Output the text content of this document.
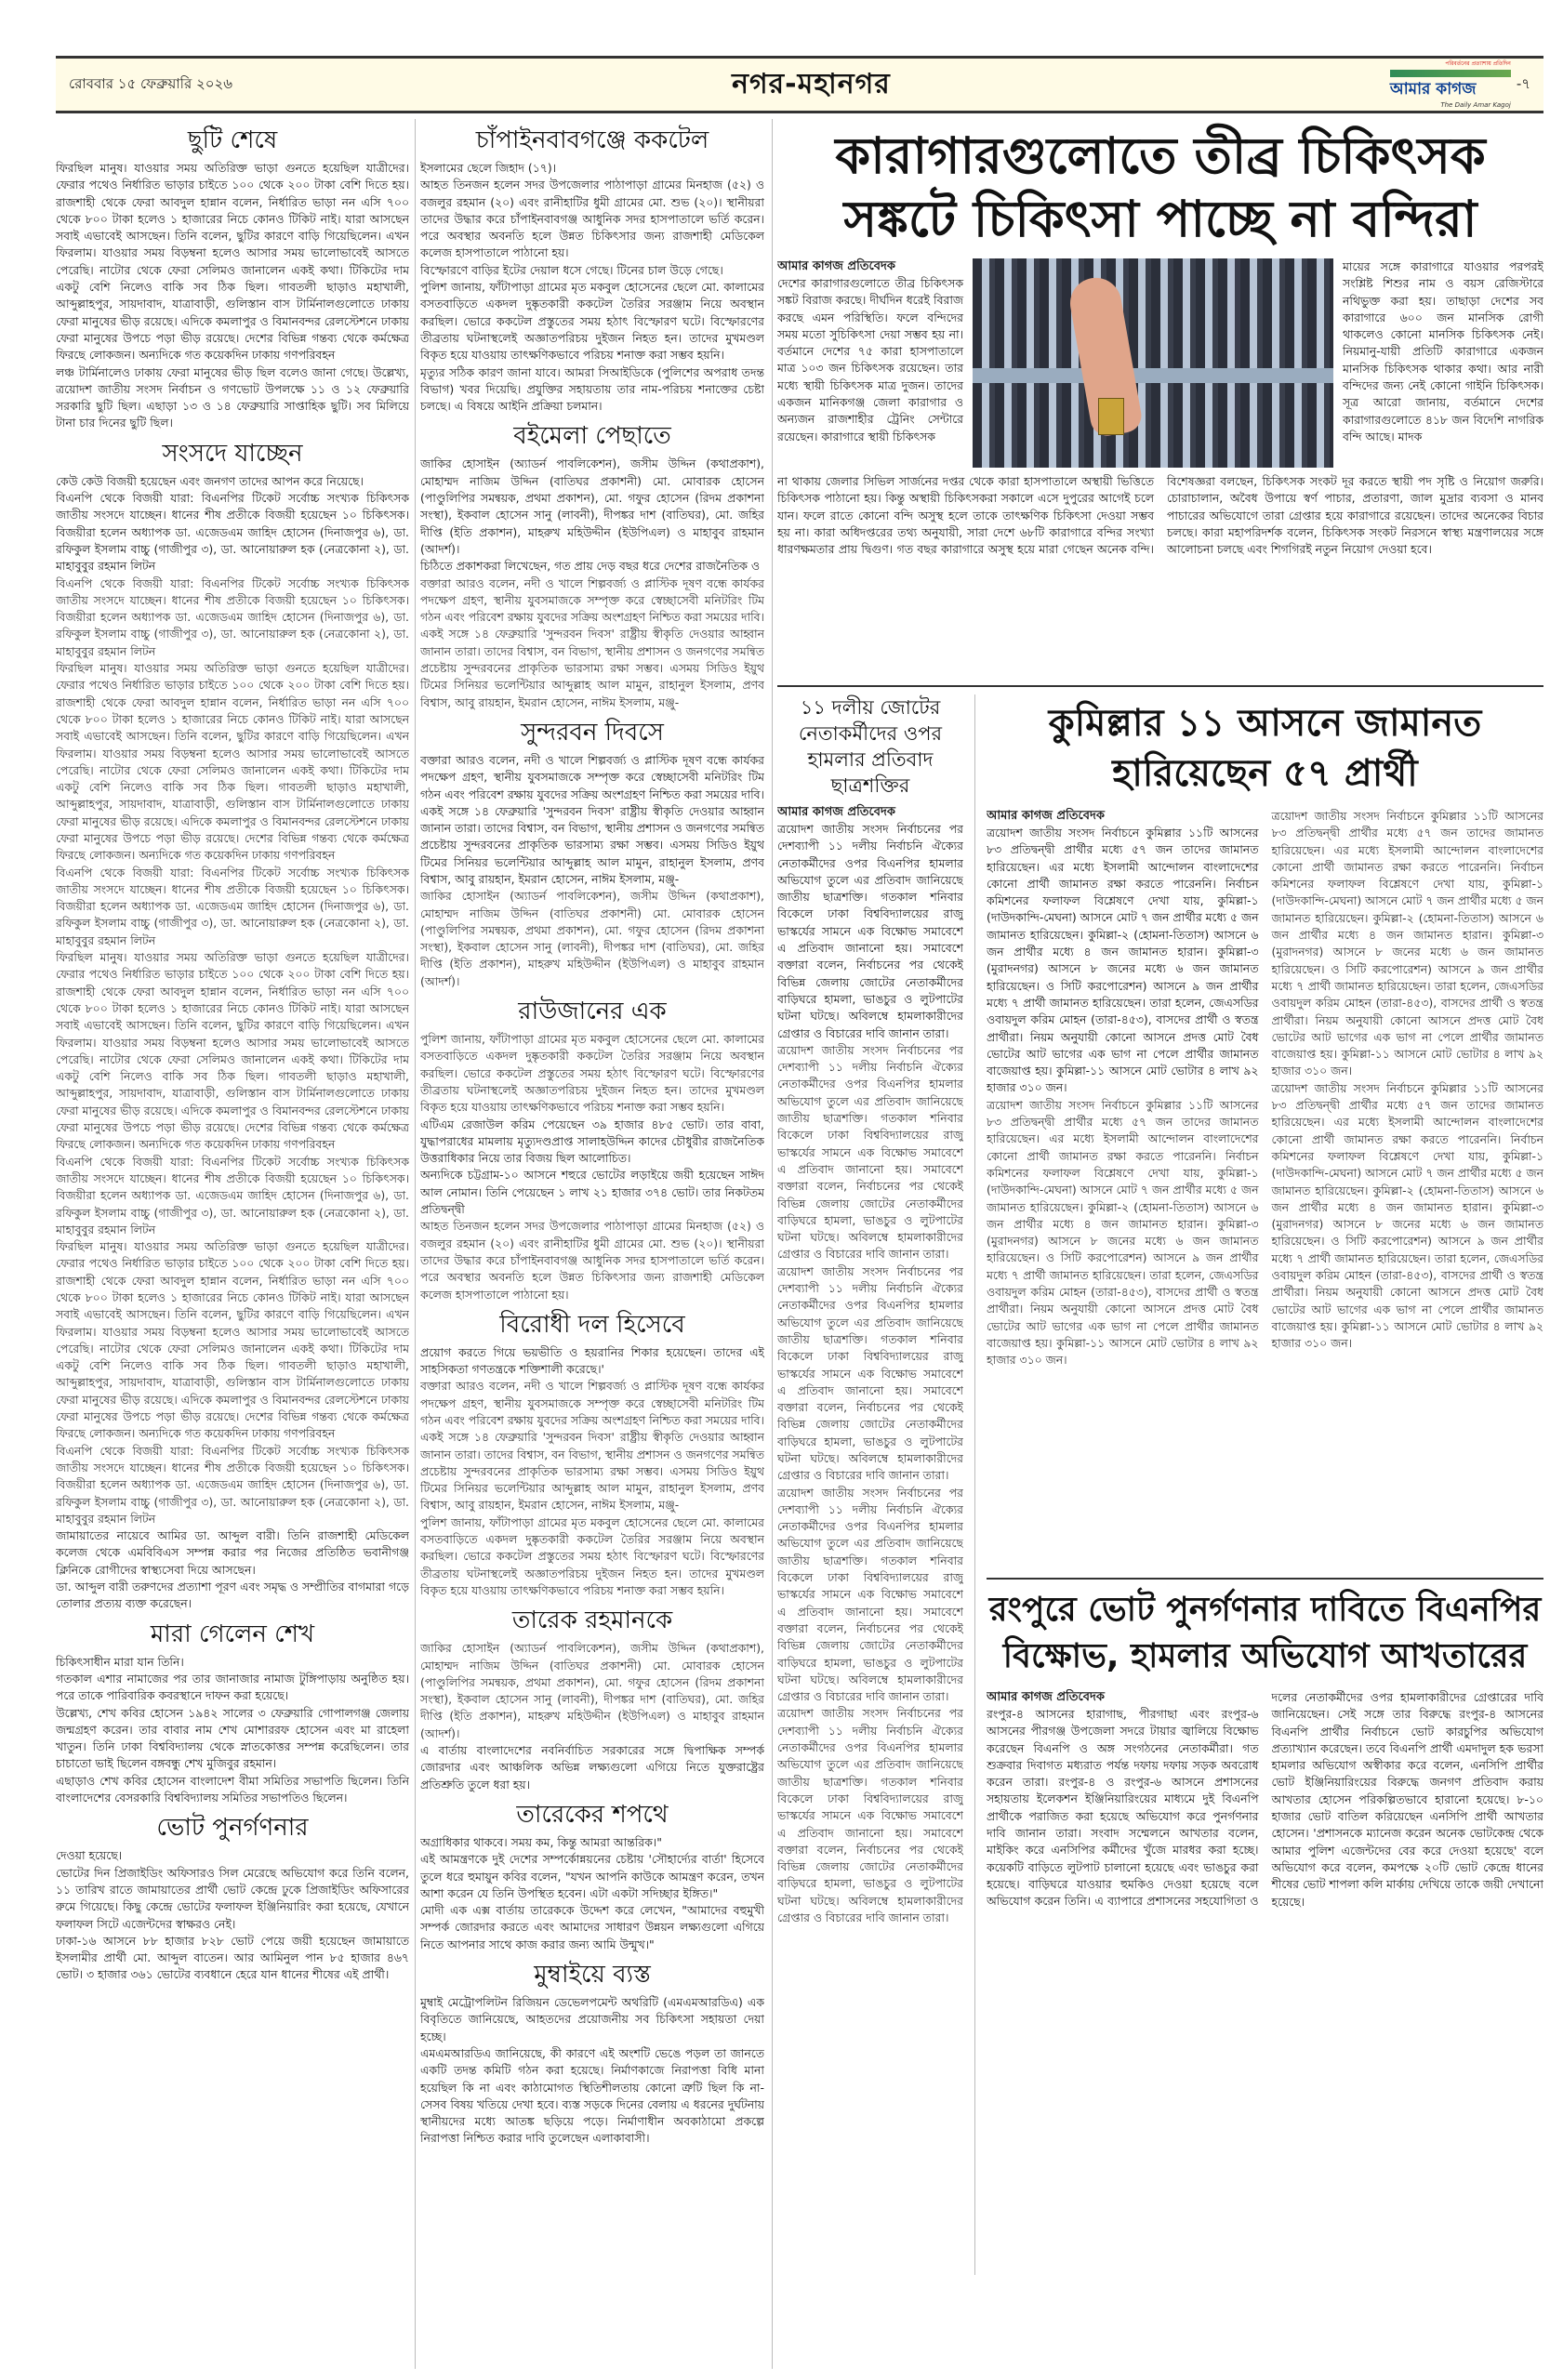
রোববার ১৫ ফেব্রুয়ারি ২০২৬	নগর-মহানগর
পরিবর্তনের প্রত্যাশায় প্রতিদিন
আমার কাগজ
The Daily Amar Kagoj
-৭
ছুটি শেষে

ফিরছিল মানুষ। যাওয়ার সময় অতিরিক্ত ভাড়া গুনতে হয়েছিল যাত্রীদের। ফেরার পথেও নির্ধারিত ভাড়ার চাইতে ১০০ থেকে ২০০ টাকা বেশি দিতে হয়। রাজশাহী থেকে ফেরা আবদুল হান্নান বলেন, নির্ধারিত ভাড়া নন এসি ৭০০ থেকে ৮০০ টাকা হলেও ১ হাজারের নিচে কোনও টিকিট নাই। যারা আসছেন সবাই এভাবেই আসছেন। তিনি বলেন, ছুটির কারণে বাড়ি গিয়েছিলেন। এখন ফিরলাম। যাওয়ার সময় বিড়ম্বনা হলেও আসার সময় ভালোভাবেই আসতে পেরেছি। নাটোর থেকে ফেরা সেলিমও জানালেন একই কথা। টিকিটের দাম একটু বেশি নিলেও বাকি সব ঠিক ছিল। গাবতলী ছাড়াও মহাখালী, আব্দুল্লাহপুর, সায়দাবাদ, যাত্রাবাড়ী, গুলিস্তান বাস টার্মিনালগুলোতে ঢাকায় ফেরা মানুষের ভীড় রয়েছে। এদিকে কমলাপুর ও বিমানবন্দর রেলস্টেশনে ঢাকায় ফেরা মানুষের উপচে পড়া ভীড় রয়েছে। দেশের বিভিন্ন গন্তব্য থেকে কর্মক্ষেত্র ফিরছে লোকজন। অন্যদিকে গত কয়েকদিন ঢাকায় গণপরিবহন

লঞ্চ টার্মিনালেও ঢাকায় ফেরা মানুষের ভীড় ছিল বলেও জানা গেছে। উল্লেখ্য, ত্রয়োদশ জাতীয় সংসদ নির্বাচন ও গণভোট উপলক্ষে ১১ ও ১২ ফেব্রুয়ারি সরকারি ছুটি ছিল। এছাড়া ১৩ ও ১৪ ফেব্রুয়ারি সাপ্তাহিক ছুটি। সব মিলিয়ে টানা চার দিনের ছুটি ছিল।

সংসদে যাচ্ছেন

কেউ কেউ বিজয়ী হয়েছেন এবং জনগণ তাদের আপন করে নিয়েছে।

বিএনপি থেকে বিজয়ী যারা: বিএনপির টিকেট সর্বোচ্চ সংখ্যক চিকিৎসক জাতীয় সংসদে যাচ্ছেন। ধানের শীষ প্রতীকে বিজয়ী হয়েছেন ১০ চিকিৎসক। বিজয়ীরা হলেন অধ্যাপক ডা. এজেডএম জাহিদ হোসেন (দিনাজপুর ৬), ডা. রফিকুল ইসলাম বাচ্চু (গাজীপুর ৩), ডা. আনোয়ারুল হক (নেত্রকোনা ২), ডা. মাহাবুবুর রহমান লিটন

বিএনপি থেকে বিজয়ী যারা: বিএনপির টিকেট সর্বোচ্চ সংখ্যক চিকিৎসক জাতীয় সংসদে যাচ্ছেন। ধানের শীষ প্রতীকে বিজয়ী হয়েছেন ১০ চিকিৎসক। বিজয়ীরা হলেন অধ্যাপক ডা. এজেডএম জাহিদ হোসেন (দিনাজপুর ৬), ডা. রফিকুল ইসলাম বাচ্চু (গাজীপুর ৩), ডা. আনোয়ারুল হক (নেত্রকোনা ২), ডা. মাহাবুবুর রহমান লিটন

ফিরছিল মানুষ। যাওয়ার সময় অতিরিক্ত ভাড়া গুনতে হয়েছিল যাত্রীদের। ফেরার পথেও নির্ধারিত ভাড়ার চাইতে ১০০ থেকে ২০০ টাকা বেশি দিতে হয়। রাজশাহী থেকে ফেরা আবদুল হান্নান বলেন, নির্ধারিত ভাড়া নন এসি ৭০০ থেকে ৮০০ টাকা হলেও ১ হাজারের নিচে কোনও টিকিট নাই। যারা আসছেন সবাই এভাবেই আসছেন। তিনি বলেন, ছুটির কারণে বাড়ি গিয়েছিলেন। এখন ফিরলাম। যাওয়ার সময় বিড়ম্বনা হলেও আসার সময় ভালোভাবেই আসতে পেরেছি। নাটোর থেকে ফেরা সেলিমও জানালেন একই কথা। টিকিটের দাম একটু বেশি নিলেও বাকি সব ঠিক ছিল। গাবতলী ছাড়াও মহাখালী, আব্দুল্লাহপুর, সায়দাবাদ, যাত্রাবাড়ী, গুলিস্তান বাস টার্মিনালগুলোতে ঢাকায় ফেরা মানুষের ভীড় রয়েছে। এদিকে কমলাপুর ও বিমানবন্দর রেলস্টেশনে ঢাকায় ফেরা মানুষের উপচে পড়া ভীড় রয়েছে। দেশের বিভিন্ন গন্তব্য থেকে কর্মক্ষেত্র ফিরছে লোকজন। অন্যদিকে গত কয়েকদিন ঢাকায় গণপরিবহন

বিএনপি থেকে বিজয়ী যারা: বিএনপির টিকেট সর্বোচ্চ সংখ্যক চিকিৎসক জাতীয় সংসদে যাচ্ছেন। ধানের শীষ প্রতীকে বিজয়ী হয়েছেন ১০ চিকিৎসক। বিজয়ীরা হলেন অধ্যাপক ডা. এজেডএম জাহিদ হোসেন (দিনাজপুর ৬), ডা. রফিকুল ইসলাম বাচ্চু (গাজীপুর ৩), ডা. আনোয়ারুল হক (নেত্রকোনা ২), ডা. মাহাবুবুর রহমান লিটন

ফিরছিল মানুষ। যাওয়ার সময় অতিরিক্ত ভাড়া গুনতে হয়েছিল যাত্রীদের। ফেরার পথেও নির্ধারিত ভাড়ার চাইতে ১০০ থেকে ২০০ টাকা বেশি দিতে হয়। রাজশাহী থেকে ফেরা আবদুল হান্নান বলেন, নির্ধারিত ভাড়া নন এসি ৭০০ থেকে ৮০০ টাকা হলেও ১ হাজারের নিচে কোনও টিকিট নাই। যারা আসছেন সবাই এভাবেই আসছেন। তিনি বলেন, ছুটির কারণে বাড়ি গিয়েছিলেন। এখন ফিরলাম। যাওয়ার সময় বিড়ম্বনা হলেও আসার সময় ভালোভাবেই আসতে পেরেছি। নাটোর থেকে ফেরা সেলিমও জানালেন একই কথা। টিকিটের দাম একটু বেশি নিলেও বাকি সব ঠিক ছিল। গাবতলী ছাড়াও মহাখালী, আব্দুল্লাহপুর, সায়দাবাদ, যাত্রাবাড়ী, গুলিস্তান বাস টার্মিনালগুলোতে ঢাকায় ফেরা মানুষের ভীড় রয়েছে। এদিকে কমলাপুর ও বিমানবন্দর রেলস্টেশনে ঢাকায় ফেরা মানুষের উপচে পড়া ভীড় রয়েছে। দেশের বিভিন্ন গন্তব্য থেকে কর্মক্ষেত্র ফিরছে লোকজন। অন্যদিকে গত কয়েকদিন ঢাকায় গণপরিবহন

বিএনপি থেকে বিজয়ী যারা: বিএনপির টিকেট সর্বোচ্চ সংখ্যক চিকিৎসক জাতীয় সংসদে যাচ্ছেন। ধানের শীষ প্রতীকে বিজয়ী হয়েছেন ১০ চিকিৎসক। বিজয়ীরা হলেন অধ্যাপক ডা. এজেডএম জাহিদ হোসেন (দিনাজপুর ৬), ডা. রফিকুল ইসলাম বাচ্চু (গাজীপুর ৩), ডা. আনোয়ারুল হক (নেত্রকোনা ২), ডা. মাহাবুবুর রহমান লিটন

ফিরছিল মানুষ। যাওয়ার সময় অতিরিক্ত ভাড়া গুনতে হয়েছিল যাত্রীদের। ফেরার পথেও নির্ধারিত ভাড়ার চাইতে ১০০ থেকে ২০০ টাকা বেশি দিতে হয়। রাজশাহী থেকে ফেরা আবদুল হান্নান বলেন, নির্ধারিত ভাড়া নন এসি ৭০০ থেকে ৮০০ টাকা হলেও ১ হাজারের নিচে কোনও টিকিট নাই। যারা আসছেন সবাই এভাবেই আসছেন। তিনি বলেন, ছুটির কারণে বাড়ি গিয়েছিলেন। এখন ফিরলাম। যাওয়ার সময় বিড়ম্বনা হলেও আসার সময় ভালোভাবেই আসতে পেরেছি। নাটোর থেকে ফেরা সেলিমও জানালেন একই কথা। টিকিটের দাম একটু বেশি নিলেও বাকি সব ঠিক ছিল। গাবতলী ছাড়াও মহাখালী, আব্দুল্লাহপুর, সায়দাবাদ, যাত্রাবাড়ী, গুলিস্তান বাস টার্মিনালগুলোতে ঢাকায় ফেরা মানুষের ভীড় রয়েছে। এদিকে কমলাপুর ও বিমানবন্দর রেলস্টেশনে ঢাকায় ফেরা মানুষের উপচে পড়া ভীড় রয়েছে। দেশের বিভিন্ন গন্তব্য থেকে কর্মক্ষেত্র ফিরছে লোকজন। অন্যদিকে গত কয়েকদিন ঢাকায় গণপরিবহন

বিএনপি থেকে বিজয়ী যারা: বিএনপির টিকেট সর্বোচ্চ সংখ্যক চিকিৎসক জাতীয় সংসদে যাচ্ছেন। ধানের শীষ প্রতীকে বিজয়ী হয়েছেন ১০ চিকিৎসক। বিজয়ীরা হলেন অধ্যাপক ডা. এজেডএম জাহিদ হোসেন (দিনাজপুর ৬), ডা. রফিকুল ইসলাম বাচ্চু (গাজীপুর ৩), ডা. আনোয়ারুল হক (নেত্রকোনা ২), ডা. মাহাবুবুর রহমান লিটন

জামায়াতের নায়েবে আমির ডা. আব্দুল বারী। তিনি রাজশাহী মেডিকেল কলেজ থেকে এমবিবিএস সম্পন্ন করার পর নিজের প্রতিষ্ঠিত ভবানীগঞ্জ ক্লিনিকে রোগীদের স্বাস্থ্যসেবা দিয়ে আসছেন।

ডা. আব্দুল বারী তরুণদের প্রত্যাশা পূরণ এবং সমৃদ্ধ ও সম্প্রীতির বাগমারা গড়ে তোলার প্রত্যয় ব্যক্ত করেছেন।

মারা গেলেন শেখ

চিকিৎসাধীন মারা যান তিনি।

গতকাল এশার নামাজের পর তার জানাজার নামাজ টুঙ্গিপাড়ায় অনুষ্ঠিত হয়। পরে তাকে পারিবারিক কবরস্থানে দাফন করা হয়েছে।

উল্লেখ্য, শেখ কবির হোসেন ১৯৪২ সালের ৩ ফেব্রুয়ারি গোপালগঞ্জ জেলায় জন্মগ্রহণ করেন। তার বাবার নাম শেখ মোশাররফ হোসেন এবং মা রাহেলা খাতুন। তিনি ঢাকা বিশ্ববিদ্যালয় থেকে স্নাতকোত্তর সম্পন্ন করেছিলেন। তার চাচাতো ভাই ছিলেন বঙ্গবন্ধু শেখ মুজিবুর রহমান।

এছাড়াও শেখ কবির হোসেন বাংলাদেশ বীমা সমিতির সভাপতি ছিলেন। তিনি বাংলাদেশের বেসরকারি বিশ্ববিদ্যালয় সমিতির সভাপতিও ছিলেন।

ভোট পুনর্গণনার

দেওয়া হয়েছে।

ভোটের দিন প্রিজাইডিং অফিসারও সিল মেরেছে অভিযোগ করে তিনি বলেন, ১১ তারিখ রাতে জামায়াতের প্রার্থী ভোট কেন্দ্রে ঢুকে প্রিজাইডিং অফিসারের রুমে গিয়েছে। কিছু কেন্দ্রে ভোটের ফলাফল ইঞ্জিনিয়ারিং করা হয়েছে, যেখানে ফলাফল সিটে এজেন্টদের স্বাক্ষরও নেই।

ঢাকা-১৬ আসনে ৮৮ হাজার ৮২৮ ভোট পেয়ে জয়ী হয়েছেন জামায়াতে ইসলামীর প্রার্থী মো. আব্দুল বাতেন। আর আমিনুল পান ৮৫ হাজার ৪৬৭ ভোট। ৩ হাজার ৩৬১ ভোটের ব্যবধানে হেরে যান ধানের শীষের এই প্রার্থী।

চাঁপাইনবাবগঞ্জে ককটেল

ইসলামের ছেলে জিহাদ (১৭)।

আহত তিনজন হলেন সদর উপজেলার পাঠাপাড়া গ্রামের মিনহাজ (৫২) ও বজলুর রহমান (২০) এবং রানীহাটির ধুমী গ্রামের মো. শুভ (২০)। স্থানীয়রা তাদের উদ্ধার করে চাঁপাইনবাবগঞ্জ আধুনিক সদর হাসপাতালে ভর্তি করেন। পরে অবস্থার অবনতি হলে উন্নত চিকিৎসার জন্য রাজশাহী মেডিকেল কলেজ হাসপাতালে পাঠানো হয়।

বিস্ফোরণে বাড়ির ইটের দেয়াল ধসে গেছে। টিনের চাল উড়ে গেছে।

পুলিশ জানায়, ফাঁটাপাড়া গ্রামের মৃত মকবুল হোসেনের ছেলে মো. কালামের বসতবাড়িতে একদল দুষ্কৃতকারী ককটেল তৈরির সরঞ্জাম নিয়ে অবস্থান করছিল। ভোরে ককটেল প্রস্তুতের সময় হঠাৎ বিস্ফোরণ ঘটে। বিস্ফোরণের তীব্রতায় ঘটনাস্থলেই অজ্ঞাতপরিচয় দুইজন নিহত হন। তাদের মুখমণ্ডল বিকৃত হয়ে যাওয়ায় তাৎক্ষণিকভাবে পরিচয় শনাক্ত করা সম্ভব হয়নি।

মৃত্যুর সঠিক কারণ জানা যাবে। আমরা সিআইডিকে (পুলিশের অপরাধ তদন্ত বিভাগ) খবর দিয়েছি। প্রযুক্তির সহায়তায় তার নাম-পরিচয় শনাক্তের চেষ্টা চলছে। এ বিষয়ে আইনি প্রক্রিয়া চলমান।

বইমেলা পেছাতে

জাকির হোসাইন (অ্যাডর্ন পাবলিকেশন), জসীম উদ্দিন (কথাপ্রকাশ), মোহাম্মদ নাজিম উদ্দিন (বাতিঘর প্রকাশনী) মো. মোবারক হোসেন (পাণ্ডুলিপির সমন্বয়ক, প্রথমা প্রকাশন), মো. গফুর হোসেন (রিদম প্রকাশনা সংস্থা), ইকবাল হোসেন সানু (লাবনী), দীপঙ্কর দাশ (বাতিঘর), মো. জহির দীপ্তি (ইতি প্রকাশন), মাহরুখ মহিউদ্দীন (ইউপিএল) ও মাহাবুব রাহমান (আদর্শ)।

চিঠিতে প্রকাশকরা লিখেছেন, গত প্রায় দেড় বছর ধরে দেশের রাজনৈতিক ও

বক্তারা আরও বলেন, নদী ও খালে শিল্পবর্জ্য ও প্লাস্টিক দূষণ বন্ধে কার্যকর পদক্ষেপ গ্রহণ, স্থানীয় যুবসমাজকে সম্পৃক্ত করে স্বেচ্ছাসেবী মনিটরিং টিম গঠন এবং পরিবেশ রক্ষায় যুবদের সক্রিয় অংশগ্রহণ নিশ্চিত করা সময়ের দাবি। একই সঙ্গে ১৪ ফেব্রুয়ারি 'সুন্দরবন দিবস' রাষ্ট্রীয় স্বীকৃতি দেওয়ার আহ্বান জানান তারা। তাদের বিশ্বাস, বন বিভাগ, স্থানীয় প্রশাসন ও জনগণের সমন্বিত প্রচেষ্টায় সুন্দরবনের প্রাকৃতিক ভারসাম্য রক্ষা সম্ভব। এসময় সিডিও ইয়ুথ টিমের সিনিয়র ভলেন্টিয়ার আব্দুল্লাহ আল মামুন, রাহানুল ইসলাম, প্রণব বিশ্বাস, আবু রায়হান, ইমরান হোসেন, নাঈম ইসলাম, মঞ্জু-

সুন্দরবন দিবসে

বক্তারা আরও বলেন, নদী ও খালে শিল্পবর্জ্য ও প্লাস্টিক দূষণ বন্ধে কার্যকর পদক্ষেপ গ্রহণ, স্থানীয় যুবসমাজকে সম্পৃক্ত করে স্বেচ্ছাসেবী মনিটরিং টিম গঠন এবং পরিবেশ রক্ষায় যুবদের সক্রিয় অংশগ্রহণ নিশ্চিত করা সময়ের দাবি। একই সঙ্গে ১৪ ফেব্রুয়ারি 'সুন্দরবন দিবস' রাষ্ট্রীয় স্বীকৃতি দেওয়ার আহ্বান জানান তারা। তাদের বিশ্বাস, বন বিভাগ, স্থানীয় প্রশাসন ও জনগণের সমন্বিত প্রচেষ্টায় সুন্দরবনের প্রাকৃতিক ভারসাম্য রক্ষা সম্ভব। এসময় সিডিও ইয়ুথ টিমের সিনিয়র ভলেন্টিয়ার আব্দুল্লাহ আল মামুন, রাহানুল ইসলাম, প্রণব বিশ্বাস, আবু রায়হান, ইমরান হোসেন, নাঈম ইসলাম, মঞ্জু-

জাকির হোসাইন (অ্যাডর্ন পাবলিকেশন), জসীম উদ্দিন (কথাপ্রকাশ), মোহাম্মদ নাজিম উদ্দিন (বাতিঘর প্রকাশনী) মো. মোবারক হোসেন (পাণ্ডুলিপির সমন্বয়ক, প্রথমা প্রকাশন), মো. গফুর হোসেন (রিদম প্রকাশনা সংস্থা), ইকবাল হোসেন সানু (লাবনী), দীপঙ্কর দাশ (বাতিঘর), মো. জহির দীপ্তি (ইতি প্রকাশন), মাহরুখ মহিউদ্দীন (ইউপিএল) ও মাহাবুব রাহমান (আদর্শ)।

রাউজানের এক

পুলিশ জানায়, ফাঁটাপাড়া গ্রামের মৃত মকবুল হোসেনের ছেলে মো. কালামের বসতবাড়িতে একদল দুষ্কৃতকারী ককটেল তৈরির সরঞ্জাম নিয়ে অবস্থান করছিল। ভোরে ককটেল প্রস্তুতের সময় হঠাৎ বিস্ফোরণ ঘটে। বিস্ফোরণের তীব্রতায় ঘটনাস্থলেই অজ্ঞাতপরিচয় দুইজন নিহত হন। তাদের মুখমণ্ডল বিকৃত হয়ে যাওয়ায় তাৎক্ষণিকভাবে পরিচয় শনাক্ত করা সম্ভব হয়নি।

এটিএম রেজাউল করিম পেয়েছেন ৩৯ হাজার ৪৮৫ ভোট। তার বাবা, যুদ্ধাপরাধের মামলায় মৃত্যুদণ্ডপ্রাপ্ত সালাহউদ্দিন কাদের চৌধুরীর রাজনৈতিক উত্তরাধিকার নিয়ে তার বিজয় ছিল আলোচিত।

অন্যদিকে চট্টগ্রাম-১০ আসনে শহুরে ভোটের লড়াইয়ে জয়ী হয়েছেন সাঈদ আল নোমান। তিনি পেয়েছেন ১ লাখ ২১ হাজার ৩৭৪ ভোট। তার নিকটতম প্রতিদ্বন্দ্বী

আহত তিনজন হলেন সদর উপজেলার পাঠাপাড়া গ্রামের মিনহাজ (৫২) ও বজলুর রহমান (২০) এবং রানীহাটির ধুমী গ্রামের মো. শুভ (২০)। স্থানীয়রা তাদের উদ্ধার করে চাঁপাইনবাবগঞ্জ আধুনিক সদর হাসপাতালে ভর্তি করেন। পরে অবস্থার অবনতি হলে উন্নত চিকিৎসার জন্য রাজশাহী মেডিকেল কলেজ হাসপাতালে পাঠানো হয়।

বিরোধী দল হিসেবে

প্রয়োগ করতে গিয়ে ভয়ভীতি ও হয়রানির শিকার হয়েছেন। তাদের এই সাহসিকতা গণতন্ত্রকে শক্তিশালী করেছে।'

বক্তারা আরও বলেন, নদী ও খালে শিল্পবর্জ্য ও প্লাস্টিক দূষণ বন্ধে কার্যকর পদক্ষেপ গ্রহণ, স্থানীয় যুবসমাজকে সম্পৃক্ত করে স্বেচ্ছাসেবী মনিটরিং টিম গঠন এবং পরিবেশ রক্ষায় যুবদের সক্রিয় অংশগ্রহণ নিশ্চিত করা সময়ের দাবি। একই সঙ্গে ১৪ ফেব্রুয়ারি 'সুন্দরবন দিবস' রাষ্ট্রীয় স্বীকৃতি দেওয়ার আহ্বান জানান তারা। তাদের বিশ্বাস, বন বিভাগ, স্থানীয় প্রশাসন ও জনগণের সমন্বিত প্রচেষ্টায় সুন্দরবনের প্রাকৃতিক ভারসাম্য রক্ষা সম্ভব। এসময় সিডিও ইয়ুথ টিমের সিনিয়র ভলেন্টিয়ার আব্দুল্লাহ আল মামুন, রাহানুল ইসলাম, প্রণব বিশ্বাস, আবু রায়হান, ইমরান হোসেন, নাঈম ইসলাম, মঞ্জু-

পুলিশ জানায়, ফাঁটাপাড়া গ্রামের মৃত মকবুল হোসেনের ছেলে মো. কালামের বসতবাড়িতে একদল দুষ্কৃতকারী ককটেল তৈরির সরঞ্জাম নিয়ে অবস্থান করছিল। ভোরে ককটেল প্রস্তুতের সময় হঠাৎ বিস্ফোরণ ঘটে। বিস্ফোরণের তীব্রতায় ঘটনাস্থলেই অজ্ঞাতপরিচয় দুইজন নিহত হন। তাদের মুখমণ্ডল বিকৃত হয়ে যাওয়ায় তাৎক্ষণিকভাবে পরিচয় শনাক্ত করা সম্ভব হয়নি।

তারেক রহমানকে

জাকির হোসাইন (অ্যাডর্ন পাবলিকেশন), জসীম উদ্দিন (কথাপ্রকাশ), মোহাম্মদ নাজিম উদ্দিন (বাতিঘর প্রকাশনী) মো. মোবারক হোসেন (পাণ্ডুলিপির সমন্বয়ক, প্রথমা প্রকাশন), মো. গফুর হোসেন (রিদম প্রকাশনা সংস্থা), ইকবাল হোসেন সানু (লাবনী), দীপঙ্কর দাশ (বাতিঘর), মো. জহির দীপ্তি (ইতি প্রকাশন), মাহরুখ মহিউদ্দীন (ইউপিএল) ও মাহাবুব রাহমান (আদর্শ)।

এ বার্তায় বাংলাদেশের নবনির্বাচিত সরকারের সঙ্গে দ্বিপাক্ষিক সম্পর্ক জোরদার এবং আঞ্চলিক অভিন্ন লক্ষ্যগুলো এগিয়ে নিতে যুক্তরাষ্ট্রের প্রতিশ্রুতি তুলে ধরা হয়।

তারেকের শপথে

অগ্রাধিকার থাকবে। সময় কম, কিন্তু আমরা আন্তরিক।"

এই আমন্ত্রণকে দুই দেশের সম্পর্কোন্নয়নের চেষ্টায় 'সৌহার্দ্যের বার্তা' হিসেবে তুলে ধরে হুমায়ুন কবির বলেন, "যখন আপনি কাউকে আমন্ত্রণ করেন, তখন আশা করেন যে তিনি উপস্থিত হবেন। এটা একটা সদিচ্ছার ইঙ্গিত।"

মোদী এক এক্স বার্তায় তারেককে উদ্দেশ করে লেখেন, "আমাদের বহুমুখী সম্পর্ক জোরদার করতে এবং আমাদের সাধারণ উন্নয়ন লক্ষ্যগুলো এগিয়ে নিতে আপনার সাথে কাজ করার জন্য আমি উন্মুখ।"

মুম্বাইয়ে ব্যস্ত

মুম্বাই মেট্রোপলিটন রিজিয়ন ডেভেলপমেন্ট অথরিটি (এমএমআরডিএ) এক বিবৃতিতে জানিয়েছে, আহতদের প্রয়োজনীয় সব চিকিৎসা সহায়তা দেয়া হচ্ছে।

এমএমআরডিএ জানিয়েছে, কী কারণে এই অংশটি ভেঙে পড়ল তা জানতে একটি তদন্ত কমিটি গঠন করা হয়েছে। নির্মাণকাজে নিরাপত্তা বিধি মানা হয়েছিল কি না এবং কাঠামোগত স্থিতিশীলতায় কোনো ত্রুটি ছিল কি না-সেসব বিষয় খতিয়ে দেখা হবে। ব্যস্ত সড়কে দিনের বেলায় এ ধরনের দুর্ঘটনায় স্থানীয়দের মধ্যে আতঙ্ক ছড়িয়ে পড়ে। নির্মাণাধীন অবকাঠামো প্রকল্পে নিরাপত্তা নিশ্চিত করার দাবি তুলেছেন এলাকাবাসী।

কারাগারগুলোতে তীব্র চিকিৎসক
সঙ্কটে চিকিৎসা পাচ্ছে না বন্দিরা
আমার কাগজ প্রতিবেদক

দেশের কারাগারগুলোতে তীব্র চিকিৎসক সঙ্কট বিরাজ করছে। দীর্ঘদিন ধরেই বিরাজ করছে এমন পরিস্থিতি। ফলে বন্দিদের সময় মতো সুচিকিৎসা দেয়া সম্ভব হয় না। বর্তমানে দেশের ৭৫ কারা হাসপাতালে মাত্র ১০৩ জন চিকিৎসক রয়েছেন। তার মধ্যে স্থায়ী চিকিৎসক মাত্র দুজন। তাদের একজন মানিকগঞ্জ জেলা কারাগার ও অন্যজন রাজশাহীর ট্রেনিং সেন্টারে রয়েছেন। কারাগারে স্থায়ী চিকিৎসক

মায়ের সঙ্গে কারাগারে যাওয়ার পরপরই সংশ্লিষ্ট শিশুর নাম ও বয়স রেজিস্টারে নথিভুক্ত করা হয়। তাছাড়া দেশের সব কারাগারে ৬০০ জন মানসিক রোগী থাকলেও কোনো মানসিক চিকিৎসক নেই। নিয়মানু-যায়ী প্রতিটি কারাগারে একজন মানসিক চিকিৎসক থাকার কথা। আর নারী বন্দিদের জন্য নেই কোনো গাইনি চিকিৎসক। সূত্র আরো জানায়, বর্তমানে দেশের কারাগারগুলোতে ৪১৮ জন বিদেশি নাগরিক বন্দি আছে। মাদক

না থাকায় জেলার সিভিল সার্জনের দপ্তর থেকে কারা হাসপাতালে অস্থায়ী ভিত্তিতে চিকিৎসক পাঠানো হয়। কিন্তু অস্থায়ী চিকিৎসকরা সকালে এসে দুপুরের আগেই চলে যান। ফলে রাতে কোনো বন্দি অসুস্থ হলে তাকে তাৎক্ষণিক চিকিৎসা দেওয়া সম্ভব হয় না। কারা অধিদপ্তরের তথ্য অনুযায়ী, সারা দেশে ৬৮টি কারাগারে বন্দির সংখ্যা ধারণক্ষমতার প্রায় দ্বিগুণ। গত বছর কারাগারে অসুস্থ হয়ে মারা গেছেন অনেক বন্দি। বিশেষজ্ঞরা বলছেন, চিকিৎসক সংকট দূর করতে স্থায়ী পদ সৃষ্টি ও নিয়োগ জরুরি। চোরাচালান, অবৈধ উপায়ে স্বর্ণ পাচার, প্রতারণা, জাল মুদ্রার ব্যবসা ও মানব পাচারের অভিযোগে তারা গ্রেপ্তার হয়ে কারাগারে রয়েছেন। তাদের অনেকের বিচার চলছে। কারা মহাপরিদর্শক বলেন, চিকিৎসক সংকট নিরসনে স্বাস্থ্য মন্ত্রণালয়ের সঙ্গে আলোচনা চলছে এবং শিগগিরই নতুন নিয়োগ দেওয়া হবে।

১১ দলীয় জোটের নেতাকর্মীদের ওপর হামলার প্রতিবাদ ছাত্রশক্তির
আমার কাগজ প্রতিবেদক

ত্রয়োদশ জাতীয় সংসদ নির্বাচনের পর দেশব্যাপী ১১ দলীয় নির্বাচনি ঐক্যের নেতাকর্মীদের ওপর বিএনপির হামলার অভিযোগ তুলে এর প্রতিবাদ জানিয়েছে জাতীয় ছাত্রশক্তি। গতকাল শনিবার বিকেলে ঢাকা বিশ্ববিদ্যালয়ের রাজু ভাস্কর্যের সামনে এক বিক্ষোভ সমাবেশে এ প্রতিবাদ জানানো হয়। সমাবেশে বক্তারা বলেন, নির্বাচনের পর থেকেই বিভিন্ন জেলায় জোটের নেতাকর্মীদের বাড়িঘরে হামলা, ভাঙচুর ও লুটপাটের ঘটনা ঘটছে। অবিলম্বে হামলাকারীদের গ্রেপ্তার ও বিচারের দাবি জানান তারা।

ত্রয়োদশ জাতীয় সংসদ নির্বাচনের পর দেশব্যাপী ১১ দলীয় নির্বাচনি ঐক্যের নেতাকর্মীদের ওপর বিএনপির হামলার অভিযোগ তুলে এর প্রতিবাদ জানিয়েছে জাতীয় ছাত্রশক্তি। গতকাল শনিবার বিকেলে ঢাকা বিশ্ববিদ্যালয়ের রাজু ভাস্কর্যের সামনে এক বিক্ষোভ সমাবেশে এ প্রতিবাদ জানানো হয়। সমাবেশে বক্তারা বলেন, নির্বাচনের পর থেকেই বিভিন্ন জেলায় জোটের নেতাকর্মীদের বাড়িঘরে হামলা, ভাঙচুর ও লুটপাটের ঘটনা ঘটছে। অবিলম্বে হামলাকারীদের গ্রেপ্তার ও বিচারের দাবি জানান তারা।

ত্রয়োদশ জাতীয় সংসদ নির্বাচনের পর দেশব্যাপী ১১ দলীয় নির্বাচনি ঐক্যের নেতাকর্মীদের ওপর বিএনপির হামলার অভিযোগ তুলে এর প্রতিবাদ জানিয়েছে জাতীয় ছাত্রশক্তি। গতকাল শনিবার বিকেলে ঢাকা বিশ্ববিদ্যালয়ের রাজু ভাস্কর্যের সামনে এক বিক্ষোভ সমাবেশে এ প্রতিবাদ জানানো হয়। সমাবেশে বক্তারা বলেন, নির্বাচনের পর থেকেই বিভিন্ন জেলায় জোটের নেতাকর্মীদের বাড়িঘরে হামলা, ভাঙচুর ও লুটপাটের ঘটনা ঘটছে। অবিলম্বে হামলাকারীদের গ্রেপ্তার ও বিচারের দাবি জানান তারা।

ত্রয়োদশ জাতীয় সংসদ নির্বাচনের পর দেশব্যাপী ১১ দলীয় নির্বাচনি ঐক্যের নেতাকর্মীদের ওপর বিএনপির হামলার অভিযোগ তুলে এর প্রতিবাদ জানিয়েছে জাতীয় ছাত্রশক্তি। গতকাল শনিবার বিকেলে ঢাকা বিশ্ববিদ্যালয়ের রাজু ভাস্কর্যের সামনে এক বিক্ষোভ সমাবেশে এ প্রতিবাদ জানানো হয়। সমাবেশে বক্তারা বলেন, নির্বাচনের পর থেকেই বিভিন্ন জেলায় জোটের নেতাকর্মীদের বাড়িঘরে হামলা, ভাঙচুর ও লুটপাটের ঘটনা ঘটছে। অবিলম্বে হামলাকারীদের গ্রেপ্তার ও বিচারের দাবি জানান তারা।

ত্রয়োদশ জাতীয় সংসদ নির্বাচনের পর দেশব্যাপী ১১ দলীয় নির্বাচনি ঐক্যের নেতাকর্মীদের ওপর বিএনপির হামলার অভিযোগ তুলে এর প্রতিবাদ জানিয়েছে জাতীয় ছাত্রশক্তি। গতকাল শনিবার বিকেলে ঢাকা বিশ্ববিদ্যালয়ের রাজু ভাস্কর্যের সামনে এক বিক্ষোভ সমাবেশে এ প্রতিবাদ জানানো হয়। সমাবেশে বক্তারা বলেন, নির্বাচনের পর থেকেই বিভিন্ন জেলায় জোটের নেতাকর্মীদের বাড়িঘরে হামলা, ভাঙচুর ও লুটপাটের ঘটনা ঘটছে। অবিলম্বে হামলাকারীদের গ্রেপ্তার ও বিচারের দাবি জানান তারা।

কুমিল্লার ১১ আসনে জামানত
হারিয়েছেন ৫৭ প্রার্থী
আমার কাগজ প্রতিবেদক

ত্রয়োদশ জাতীয় সংসদ নির্বাচনে কুমিল্লার ১১টি আসনের ৮৩ প্রতিদ্বন্দ্বী প্রার্থীর মধ্যে ৫৭ জন তাদের জামানত হারিয়েছেন। এর মধ্যে ইসলামী আন্দোলন বাংলাদেশের কোনো প্রার্থী জামানত রক্ষা করতে পারেননি। নির্বাচন কমিশনের ফলাফল বিশ্লেষণে দেখা যায়, কুমিল্লা-১ (দাউদকান্দি-মেঘনা) আসনে মোট ৭ জন প্রার্থীর মধ্যে ৫ জন জামানত হারিয়েছেন। কুমিল্লা-২ (হোমনা-তিতাস) আসনে ৬ জন প্রার্থীর মধ্যে ৪ জন জামানত হারান। কুমিল্লা-৩ (মুরাদনগর) আসনে ৮ জনের মধ্যে ৬ জন জামানত হারিয়েছেন। ও সিটি করপোরেশন) আসনে ৯ জন প্রার্থীর মধ্যে ৭ প্রার্থী জামানত হারিয়েছেন। তারা হলেন, জেএসডির ওবায়দুল করিম মোহন (তারা-৪৫৩), বাসদের প্রার্থী ও স্বতন্ত্র প্রার্থীরা। নিয়ম অনুযায়ী কোনো আসনে প্রদত্ত মোট বৈধ ভোটের আট ভাগের এক ভাগ না পেলে প্রার্থীর জামানত বাজেয়াপ্ত হয়। কুমিল্লা-১১ আসনে মোট ভোটার ৪ লাখ ৯২ হাজার ৩১০ জন।

ত্রয়োদশ জাতীয় সংসদ নির্বাচনে কুমিল্লার ১১টি আসনের ৮৩ প্রতিদ্বন্দ্বী প্রার্থীর মধ্যে ৫৭ জন তাদের জামানত হারিয়েছেন। এর মধ্যে ইসলামী আন্দোলন বাংলাদেশের কোনো প্রার্থী জামানত রক্ষা করতে পারেননি। নির্বাচন কমিশনের ফলাফল বিশ্লেষণে দেখা যায়, কুমিল্লা-১ (দাউদকান্দি-মেঘনা) আসনে মোট ৭ জন প্রার্থীর মধ্যে ৫ জন জামানত হারিয়েছেন। কুমিল্লা-২ (হোমনা-তিতাস) আসনে ৬ জন প্রার্থীর মধ্যে ৪ জন জামানত হারান। কুমিল্লা-৩ (মুরাদনগর) আসনে ৮ জনের মধ্যে ৬ জন জামানত হারিয়েছেন। ও সিটি করপোরেশন) আসনে ৯ জন প্রার্থীর মধ্যে ৭ প্রার্থী জামানত হারিয়েছেন। তারা হলেন, জেএসডির ওবায়দুল করিম মোহন (তারা-৪৫৩), বাসদের প্রার্থী ও স্বতন্ত্র প্রার্থীরা। নিয়ম অনুযায়ী কোনো আসনে প্রদত্ত মোট বৈধ ভোটের আট ভাগের এক ভাগ না পেলে প্রার্থীর জামানত বাজেয়াপ্ত হয়। কুমিল্লা-১১ আসনে মোট ভোটার ৪ লাখ ৯২ হাজার ৩১০ জন।

ত্রয়োদশ জাতীয় সংসদ নির্বাচনে কুমিল্লার ১১টি আসনের ৮৩ প্রতিদ্বন্দ্বী প্রার্থীর মধ্যে ৫৭ জন তাদের জামানত হারিয়েছেন। এর মধ্যে ইসলামী আন্দোলন বাংলাদেশের কোনো প্রার্থী জামানত রক্ষা করতে পারেননি। নির্বাচন কমিশনের ফলাফল বিশ্লেষণে দেখা যায়, কুমিল্লা-১ (দাউদকান্দি-মেঘনা) আসনে মোট ৭ জন প্রার্থীর মধ্যে ৫ জন জামানত হারিয়েছেন। কুমিল্লা-২ (হোমনা-তিতাস) আসনে ৬ জন প্রার্থীর মধ্যে ৪ জন জামানত হারান। কুমিল্লা-৩ (মুরাদনগর) আসনে ৮ জনের মধ্যে ৬ জন জামানত হারিয়েছেন। ও সিটি করপোরেশন) আসনে ৯ জন প্রার্থীর মধ্যে ৭ প্রার্থী জামানত হারিয়েছেন। তারা হলেন, জেএসডির ওবায়দুল করিম মোহন (তারা-৪৫৩), বাসদের প্রার্থী ও স্বতন্ত্র প্রার্থীরা। নিয়ম অনুযায়ী কোনো আসনে প্রদত্ত মোট বৈধ ভোটের আট ভাগের এক ভাগ না পেলে প্রার্থীর জামানত বাজেয়াপ্ত হয়। কুমিল্লা-১১ আসনে মোট ভোটার ৪ লাখ ৯২ হাজার ৩১০ জন।

ত্রয়োদশ জাতীয় সংসদ নির্বাচনে কুমিল্লার ১১টি আসনের ৮৩ প্রতিদ্বন্দ্বী প্রার্থীর মধ্যে ৫৭ জন তাদের জামানত হারিয়েছেন। এর মধ্যে ইসলামী আন্দোলন বাংলাদেশের কোনো প্রার্থী জামানত রক্ষা করতে পারেননি। নির্বাচন কমিশনের ফলাফল বিশ্লেষণে দেখা যায়, কুমিল্লা-১ (দাউদকান্দি-মেঘনা) আসনে মোট ৭ জন প্রার্থীর মধ্যে ৫ জন জামানত হারিয়েছেন। কুমিল্লা-২ (হোমনা-তিতাস) আসনে ৬ জন প্রার্থীর মধ্যে ৪ জন জামানত হারান। কুমিল্লা-৩ (মুরাদনগর) আসনে ৮ জনের মধ্যে ৬ জন জামানত হারিয়েছেন। ও সিটি করপোরেশন) আসনে ৯ জন প্রার্থীর মধ্যে ৭ প্রার্থী জামানত হারিয়েছেন। তারা হলেন, জেএসডির ওবায়দুল করিম মোহন (তারা-৪৫৩), বাসদের প্রার্থী ও স্বতন্ত্র প্রার্থীরা। নিয়ম অনুযায়ী কোনো আসনে প্রদত্ত মোট বৈধ ভোটের আট ভাগের এক ভাগ না পেলে প্রার্থীর জামানত বাজেয়াপ্ত হয়। কুমিল্লা-১১ আসনে মোট ভোটার ৪ লাখ ৯২ হাজার ৩১০ জন।

রংপুরে ভোট পুনর্গণনার দাবিতে বিএনপির
বিক্ষোভ, হামলার অভিযোগ আখতারের
আমার কাগজ প্রতিবেদক

রংপুর-৪ আসনের হারাগাছ, পীরগাছা এবং রংপুর-৬ আসনের পীরগঞ্জ উপজেলা সদরে টায়ার জ্বালিয়ে বিক্ষোভ করেছেন বিএনপি ও অঙ্গ সংগঠনের নেতাকর্মীরা। গত শুক্রবার দিবাগত মধ্যরাত পর্যন্ত দফায় দফায় সড়ক অবরোধ করেন তারা। রংপুর-৪ ও রংপুর-৬ আসনে প্রশাসনের সহায়তায় ইলেকশন ইঞ্জিনিয়ারিংয়ের মাধ্যমে দুই বিএনপি প্রার্থীকে পরাজিত করা হয়েছে অভিযোগ করে পুনর্গণনার দাবি জানান তারা। সংবাদ সম্মেলনে আখতার বলেন, মাইকিং করে এনসিপির কর্মীদের খুঁজে মারধর করা হচ্ছে। কয়েকটি বাড়িতে লুটপাট চালানো হয়েছে এবং ভাঙচুর করা হয়েছে। বাড়িঘরে যাওয়ার হুমকিও দেওয়া হয়েছে বলে অভিযোগ করেন তিনি। এ ব্যাপারে প্রশাসনের সহযোগিতা ও দলের নেতাকর্মীদের ওপর হামলাকারীদের গ্রেপ্তারের দাবি জানিয়েছেন। সেই সঙ্গে তার বিরুদ্ধে রংপুর-৪ আসনের বিএনপি প্রার্থীর নির্বাচনে ভোট কারচুপির অভিযোগ প্রত্যাখ্যান করেছেন। তবে বিএনপি প্রার্থী এমদাদুল হক ভরসা হামলার অভিযোগ অস্বীকার করে বলেন, এনসিপি প্রার্থীর ভোট ইঞ্জিনিয়ারিংয়ের বিরুদ্ধে জনগণ প্রতিবাদ করায় আখতার হোসেন পরিকল্পিতভাবে হারানো হয়েছে। ৮-১০ হাজার ভোট বাতিল করিয়েছেন এনসিপি প্রার্থী আখতার হোসেন। 'প্রশাসনকে ম্যানেজ করেন অনেক ভোটকেন্দ্র থেকে আমার পুলিশ এজেন্টদের বের করে দেওয়া হয়েছে' বলে অভিযোগ করে বলেন, কমপক্ষে ২০টি ভোট কেন্দ্রে ধানের শীষের ভোট শাপলা কলি মার্কায় দেখিয়ে তাকে জয়ী দেখানো হয়েছে।
